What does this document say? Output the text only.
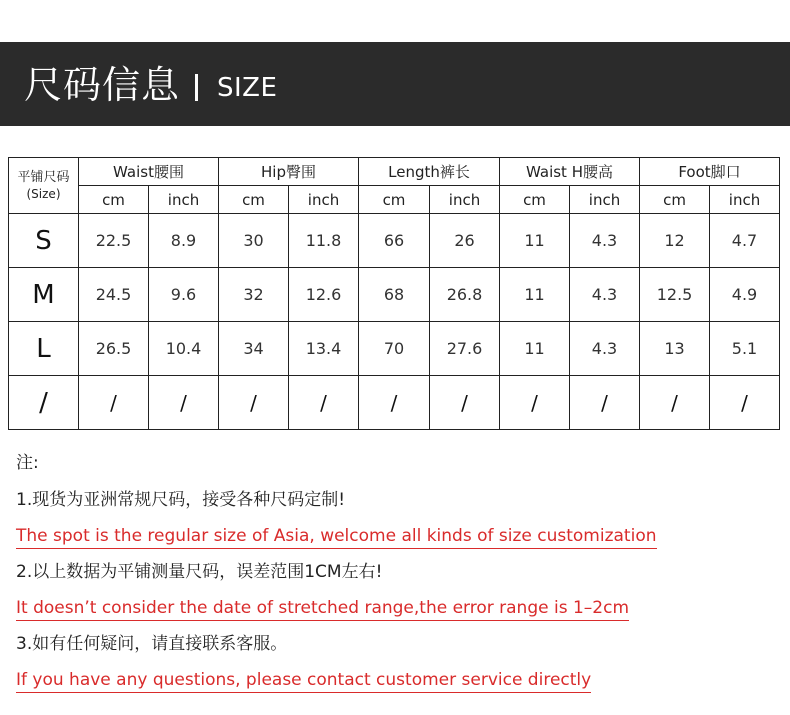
尺码信息 SIZE
平铺尺码
(Size)	Waist腰围		Hip臀围		Length裤长		Waist H腰高		Foot脚口	
	cm	inch	cm	inch	cm	inch	cm	inch	cm	inch
S	22.5	8.9	30	11.8	66	26	11	4.3	12	4.7
M	24.5	9.6	32	12.6	68	26.8	11	4.3	12.5	4.9
L	26.5	10.4	34	13.4	70	27.6	11	4.3	13	5.1
/	/	/	/	/	/	/	/	/	/	/
注:
1.现货为亚洲常规尺码，接受各种尺码定制!
The spot is the regular size of Asia, welcome all kinds of size customization
2.以上数据为平铺测量尺码，误差范围1CM左右!
It doesn’t consider the date of stretched range,the error range is 1–2cm
3.如有任何疑问，请直接联系客服。
If you have any questions, please contact customer service directly
